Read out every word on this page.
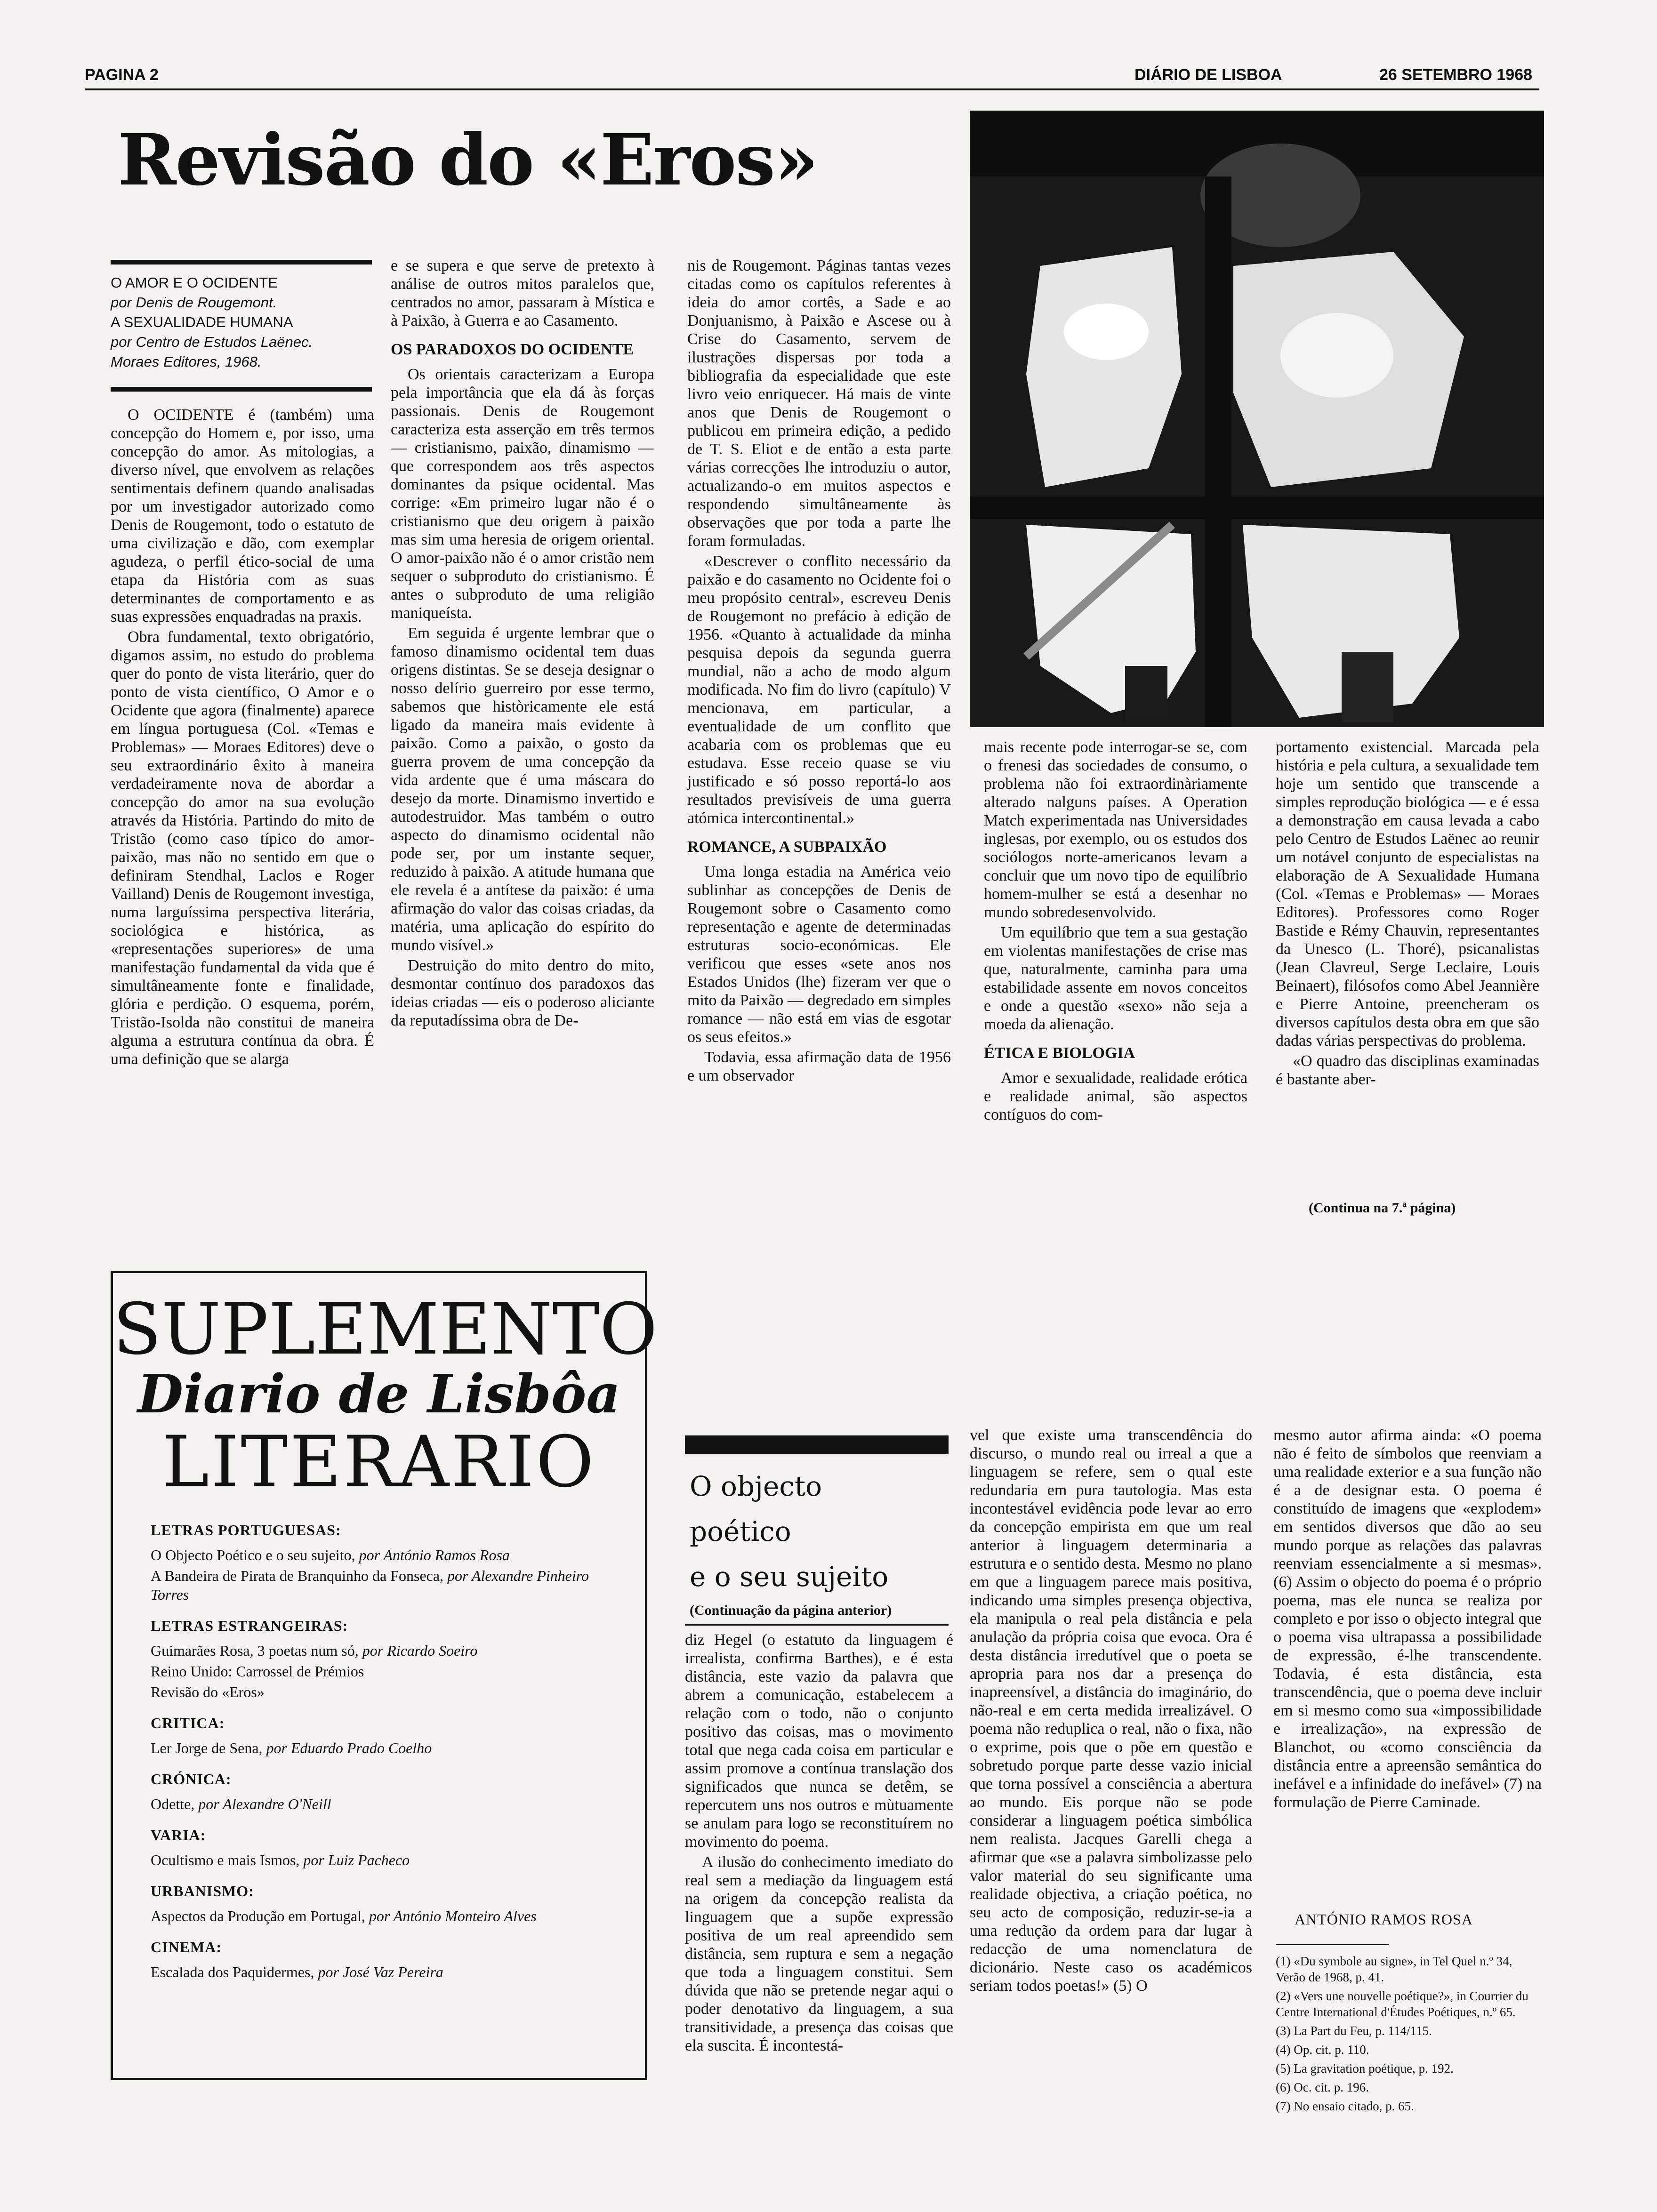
PAGINA 2	DIÁRIO DE LISBOA	26 SETEMBRO 1968
Revisão do «Eros»
O AMOR E O OCIDENTE
por Denis de Rougemont.
A SEXUALIDADE HUMANA
por Centro de Estudos Laënec.
Moraes Editores, 1968.

O OCIDENTE é (também) uma concepção do Homem e, por isso, uma concepção do amor. As mitologias, a diverso nível, que envolvem as relações sentimentais definem quando analisadas por um investigador autorizado como Denis de Rougemont, todo o estatuto de uma civilização e dão, com exemplar agudeza, o perfil ético-social de uma etapa da História com as suas determinantes de comportamento e as suas expressões enquadradas na praxis.

Obra fundamental, texto obrigatório, digamos assim, no estudo do problema quer do ponto de vista literário, quer do ponto de vista científico, O Amor e o Ocidente que agora (finalmente) aparece em língua portuguesa (Col. «Temas e Problemas» — Moraes Editores) deve o seu extraordinário êxito à maneira verdadeiramente nova de abordar a concepção do amor na sua evolução através da História. Partindo do mito de Tristão (como caso típico do amor-paixão, mas não no sentido em que o definiram Stendhal, Laclos e Roger Vailland) Denis de Rougemont investiga, numa larguíssima perspectiva literária, sociológica e histórica, as «representações superiores» de uma manifestação fundamental da vida que é simultâneamente fonte e finalidade, glória e perdição. O esquema, porém, Tristão-Isolda não constitui de maneira alguma a estrutura contínua da obra. É uma definição que se alarga

e se supera e que serve de pretexto à análise de outros mitos paralelos que, centrados no amor, passaram à Mística e à Paixão, à Guerra e ao Casamento.

OS PARADOXOS DO OCIDENTE

Os orientais caracterizam a Europa pela importância que ela dá às forças passionais. Denis de Rougemont caracteriza esta asserção em três termos — cristianismo, paixão, dinamismo — que correspondem aos três aspectos dominantes da psique ocidental. Mas corrige: «Em primeiro lugar não é o cristianismo que deu origem à paixão mas sim uma heresia de origem oriental. O amor-paixão não é o amor cristão nem sequer o subproduto do cristianismo. É antes o subproduto de uma religião maniqueísta.

Em seguida é urgente lembrar que o famoso dinamismo ocidental tem duas origens distintas. Se se deseja designar o nosso delírio guerreiro por esse termo, sabemos que històricamente ele está ligado da maneira mais evidente à paixão. Como a paixão, o gosto da guerra provem de uma concepção da vida ardente que é uma máscara do desejo da morte. Dinamismo invertido e autodestruidor. Mas também o outro aspecto do dinamismo ocidental não pode ser, por um instante sequer, reduzido à paixão. A atitude humana que ele revela é a antítese da paixão: é uma afirmação do valor das coisas criadas, da matéria, uma aplicação do espírito do mundo visível.»

Destruição do mito dentro do mito, desmontar contínuo dos paradoxos das ideias criadas — eis o poderoso aliciante da reputadíssima obra de De-

nis de Rougemont. Páginas tantas vezes citadas como os capítulos referentes à ideia do amor cortês, a Sade e ao Donjuanismo, à Paixão e Ascese ou à Crise do Casamento, servem de ilustrações dispersas por toda a bibliografia da especialidade que este livro veio enriquecer. Há mais de vinte anos que Denis de Rougemont o publicou em primeira edição, a pedido de T. S. Eliot e de então a esta parte várias correcções lhe introduziu o autor, actualizando-o em muitos aspectos e respondendo simultâneamente às observações que por toda a parte lhe foram formuladas.

«Descrever o conflito necessário da paixão e do casamento no Ocidente foi o meu propósito central», escreveu Denis de Rougemont no prefácio à edição de 1956. «Quanto à actualidade da minha pesquisa depois da segunda guerra mundial, não a acho de modo algum modificada. No fim do livro (capítulo) V mencionava, em particular, a eventualidade de um conflito que acabaria com os problemas que eu estudava. Esse receio quase se viu justificado e só posso reportá-lo aos resultados previsíveis de uma guerra atómica intercontinental.»

ROMANCE, A SUBPAIXÃO

Uma longa estadia na América veio sublinhar as concepções de Denis de Rougemont sobre o Casamento como representação e agente de determinadas estruturas socio-económicas. Ele verificou que esses «sete anos nos Estados Unidos (lhe) fizeram ver que o mito da Paixão — degredado em simples romance — não está em vias de esgotar os seus efeitos.»

Todavia, essa afirmação data de 1956 e um observador

mais recente pode interrogar-se se, com o frenesi das sociedades de consumo, o problema não foi extraordinàriamente alterado nalguns países. A Operation Match experimentada nas Universidades inglesas, por exemplo, ou os estudos dos sociólogos norte-americanos levam a concluir que um novo tipo de equilíbrio homem-mulher se está a desenhar no mundo sobredesenvolvido.

Um equilíbrio que tem a sua gestação em violentas manifestações de crise mas que, naturalmente, caminha para uma estabilidade assente em novos conceitos e onde a questão «sexo» não seja a moeda da alienação.

ÉTICA E BIOLOGIA

Amor e sexualidade, realidade erótica e realidade animal, são aspectos contíguos do com-

portamento existencial. Marcada pela história e pela cultura, a sexualidade tem hoje um sentido que transcende a simples reprodução biológica — e é essa a demonstração em causa levada a cabo pelo Centro de Estudos Laënec ao reunir um notável conjunto de especialistas na elaboração de A Sexualidade Humana (Col. «Temas e Problemas» — Moraes Editores). Professores como Roger Bastide e Rémy Chauvin, representantes da Unesco (L. Thoré), psicanalistas (Jean Clavreul, Serge Leclaire, Louis Beinaert), filósofos como Abel Jeannière e Pierre Antoine, preencheram os diversos capítulos desta obra em que são dadas várias perspectivas do problema.

«O quadro das disciplinas examinadas é bastante aber-

(Continua na 7.ª página)
SUPLEMENTO
Diario de Lisbôa
LITERARIO
LETRAS PORTUGUESAS:
O Objecto Poético e o seu sujeito, por António Ramos Rosa
A Bandeira de Pirata de Branquinho da Fonseca, por Alexandre Pinheiro Torres
LETRAS ESTRANGEIRAS:
Guimarães Rosa, 3 poetas num só, por Ricardo Soeiro
Reino Unido: Carrossel de Prémios
Revisão do «Eros»
CRITICA:
Ler Jorge de Sena, por Eduardo Prado Coelho
CRÓNICA:
Odette, por Alexandre O'Neill
VARIA:
Ocultismo e mais Ismos, por Luiz Pacheco
URBANISMO:
Aspectos da Produção em Portugal, por António Monteiro Alves
CINEMA:
Escalada dos Paquidermes, por José Vaz Pereira
O objecto
poético
e o seu sujeito
(Continuação da página anterior)

diz Hegel (o estatuto da linguagem é irrealista, confirma Barthes), e é esta distância, este vazio da palavra que abrem a comunicação, estabelecem a relação com o todo, não o conjunto positivo das coisas, mas o movimento total que nega cada coisa em particular e assim promove a contínua translação dos significados que nunca se detêm, se repercutem uns nos outros e mùtuamente se anulam para logo se reconstituírem no movimento do poema.

A ilusão do conhecimento imediato do real sem a mediação da linguagem está na origem da concepção realista da linguagem que a supõe expressão positiva de um real apreendido sem distância, sem ruptura e sem a negação que toda a linguagem constitui. Sem dúvida que não se pretende negar aqui o poder denotativo da linguagem, a sua transitividade, a presença das coisas que ela suscita. É incontestá-

vel que existe uma transcendência do discurso, o mundo real ou irreal a que a linguagem se refere, sem o qual este redundaria em pura tautologia. Mas esta incontestável evidência pode levar ao erro da concepção empirista em que um real anterior à linguagem determinaria a estrutura e o sentido desta. Mesmo no plano em que a linguagem parece mais positiva, indicando uma simples presença objectiva, ela manipula o real pela distância e pela anulação da própria coisa que evoca. Ora é desta distância irredutível que o poeta se apropria para nos dar a presença do inapreensível, a distância do imaginário, do não-real e em certa medida irrealizável. O poema não reduplica o real, não o fixa, não o exprime, pois que o põe em questão e sobretudo porque parte desse vazio inicial que torna possível a consciência a abertura ao mundo. Eis porque não se pode considerar a linguagem poética simbólica nem realista. Jacques Garelli chega a afirmar que «se a palavra simbolizasse pelo valor material do seu significante uma realidade objectiva, a criação poética, no seu acto de composição, reduzir-se-ia a uma redução da ordem para dar lugar à redacção de uma nomenclatura de dicionário. Neste caso os académicos seriam todos poetas!» (5) O

mesmo autor afirma ainda: «O poema não é feito de símbolos que reenviam a uma realidade exterior e a sua função não é a de designar esta. O poema é constituído de imagens que «explodem» em sentidos diversos que dão ao seu mundo porque as relações das palavras reenviam essencialmente a si mesmas». (6) Assim o objecto do poema é o próprio poema, mas ele nunca se realiza por completo e por isso o objecto integral que o poema visa ultrapassa a possibilidade de expressão, é-lhe transcendente. Todavia, é esta distância, esta transcendência, que o poema deve incluir em si mesmo como sua «impossibilidade e irrealização», na expressão de Blanchot, ou «como consciência da distância entre a apreensão semântica do inefável e a infinidade do inefável» (7) na formulação de Pierre Caminade.

ANTÓNIO RAMOS ROSA
(1) «Du symbole au signe», in Tel Quel n.º 34, Verão de 1968, p. 41.
(2) «Vers une nouvelle poétique?», in Courrier du Centre International d'Études Poétiques, n.º 65.
(3) La Part du Feu, p. 114/115.
(4) Op. cit. p. 110.
(5) La gravitation poétique, p. 192.
(6) Oc. cit. p. 196.
(7) No ensaio citado, p. 65.
